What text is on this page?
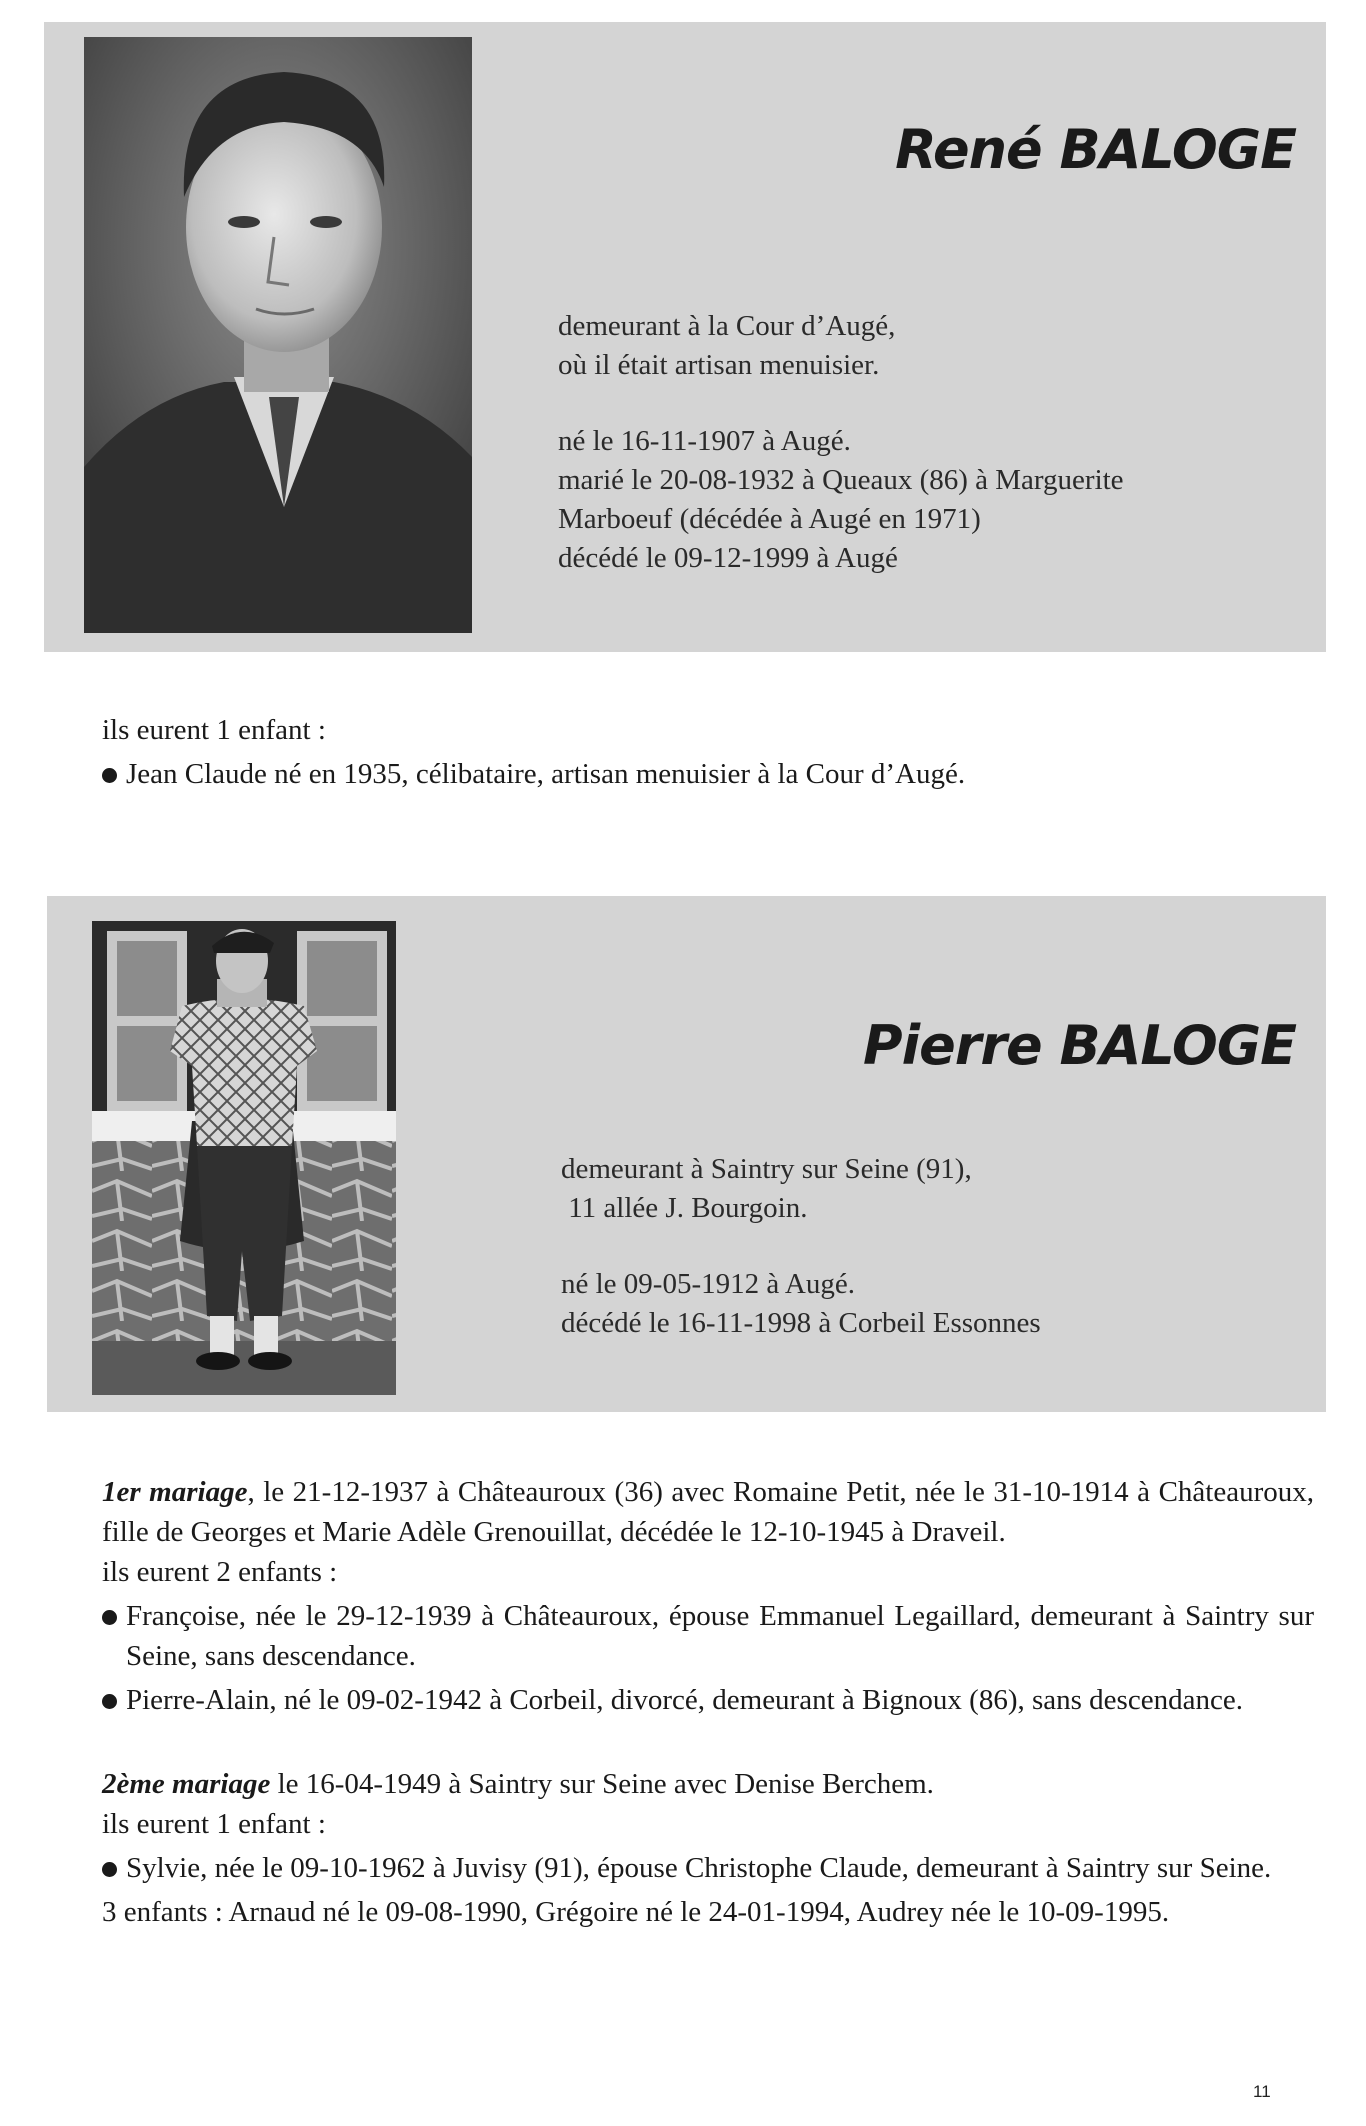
René BALOGE

demeurant à la Cour d’Augé,

où il était artisan menuisier.

né le 16-11-1907 à Augé.

marié le 20-08-1932 à Queaux (86) à Marguerite

Marboeuf (décédée à Augé en 1971)

décédé le 09-12-1999 à Augé

ils eurent 1 enfant :

Jean Claude né en 1935, célibataire, artisan menuisier à la Cour d’Augé.

Pierre BALOGE

demeurant à Saintry sur Seine (91),

11 allée J. Bourgoin.

né le 09-05-1912 à Augé.

décédé le 16-11-1998 à Corbeil Essonnes

1er mariage, le 21-12-1937 à Châteauroux (36) avec Romaine Petit, née le 31-10-1914 à Châteauroux, fille de Georges et Marie Adèle Grenouillat, décédée le 12-10-1945 à Draveil.

ils eurent 2 enfants :

Françoise, née le 29-12-1939 à Châteauroux, épouse Emmanuel Legaillard, demeurant à Saintry sur Seine, sans descendance.

Pierre-Alain, né le 09-02-1942 à Corbeil, divorcé, demeurant à Bignoux (86), sans descendance.

2ème mariage le 16-04-1949 à Saintry sur Seine avec Denise Berchem.

ils eurent 1 enfant :

Sylvie, née le 09-10-1962 à Juvisy (91), épouse Christophe Claude, demeurant à Saintry sur Seine.

3 enfants : Arnaud né le 09-08-1990, Grégoire né le 24-01-1994, Audrey née le 10-09-1995.

11
